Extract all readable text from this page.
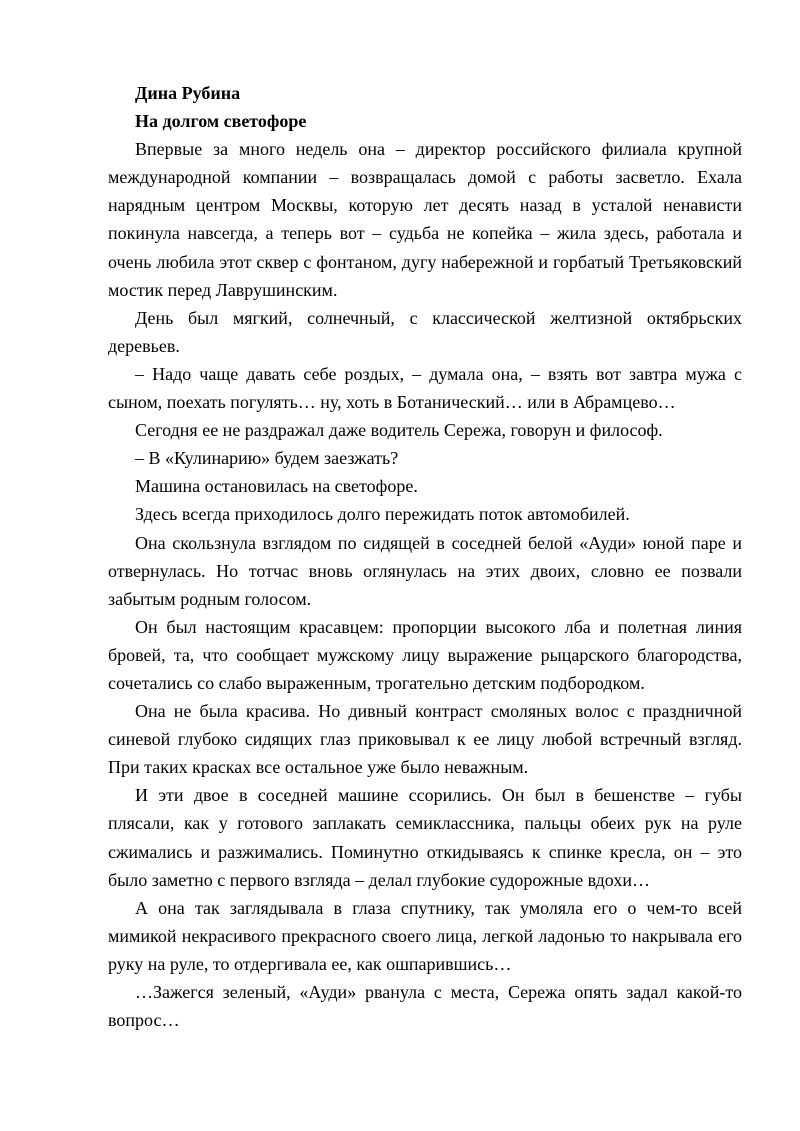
Дина Рубина

На долгом светофоре

Впервые за много недель она – директор российского филиала крупной международной компании – возвращалась домой с работы засветло. Ехала нарядным центром Москвы, которую лет десять назад в усталой ненависти покинула навсегда, а теперь вот – судьба не копейка – жила здесь, работала и очень любила этот сквер с фонтаном, дугу набережной и горбатый Третьяковский мостик перед Лаврушинским.

День был мягкий, солнечный, с классической желтизной октябрьских деревьев.

– Надо чаще давать себе роздых, – думала она, – взять вот завтра мужа с сыном, поехать погулять… ну, хоть в Ботанический… или в Абрамцево…

Сегодня ее не раздражал даже водитель Сережа, говорун и философ.

– В «Кулинарию» будем заезжать?

Машина остановилась на светофоре.

Здесь всегда приходилось долго пережидать поток автомобилей.

Она скользнула взглядом по сидящей в соседней белой «Ауди» юной паре и отвернулась. Но тотчас вновь оглянулась на этих двоих, словно ее позвали забытым родным голосом.

Он был настоящим красавцем: пропорции высокого лба и полетная линия бровей, та, что сообщает мужскому лицу выражение рыцарского благородства, сочетались со слабо выраженным, трогательно детским подбородком.

Она не была красива. Но дивный контраст смоляных волос с праздничной синевой глубоко сидящих глаз приковывал к ее лицу любой встречный взгляд. При таких красках все остальное уже было неважным.

И эти двое в соседней машине ссорились. Он был в бешенстве – губы плясали, как у готового заплакать семиклассника, пальцы обеих рук на руле сжимались и разжимались. Поминутно откидываясь к спинке кресла, он – это было заметно с первого взгляда – делал глубокие судорожные вдохи…

А она так заглядывала в глаза спутнику, так умоляла его о чем-то всей мимикой некрасивого прекрасного своего лица, легкой ладонью то накрывала его руку на руле, то отдергивала ее, как ошпарившись…

…Зажегся зеленый, «Ауди» рванула с места, Сережа опять задал какой-то вопрос…
